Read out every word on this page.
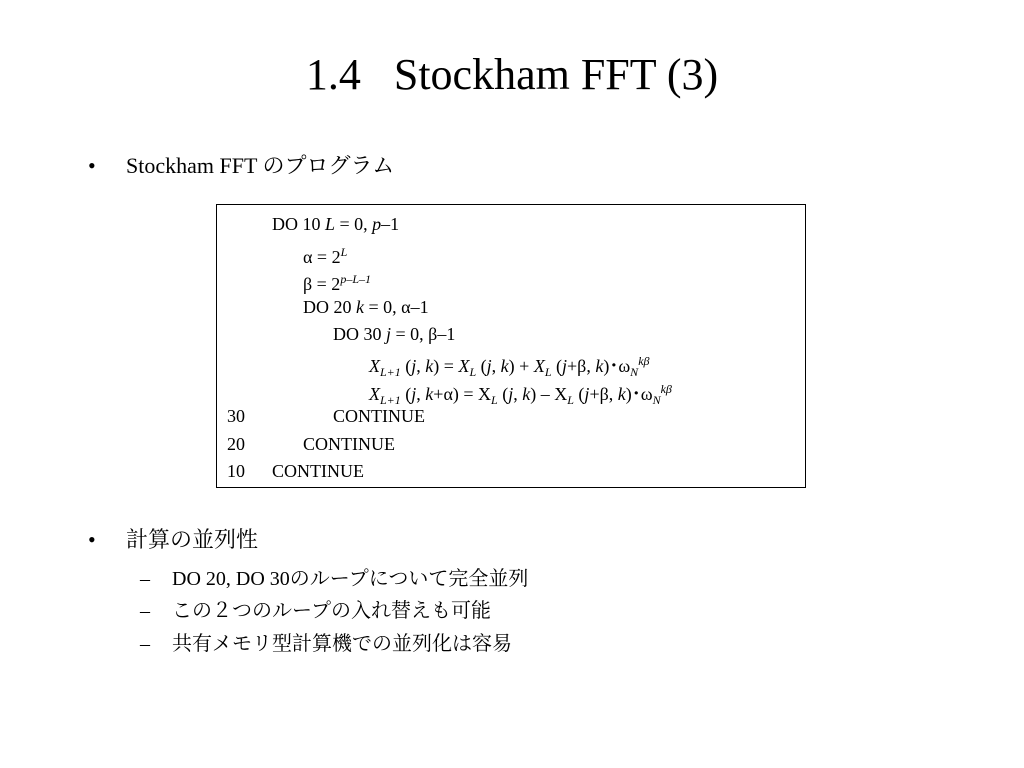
1.4   Stockham FFT (3)
• Stockham FFT のプログラム
DO 10 L = 0, p–1
$\alpha = 2^L$
$\beta = 2^{p-L-1}$
DO 20 k = 0, α–1
DO 30 j = 0, β–1
$X_{L+1}$ (j, $k) = X_L$ (j, $k) + X_L$ (j+β, k)･$\omega_N^{k\beta}$
$X_{L+1}$ (j, $k+\alpha) = X_L$ (j, $k) - X_L$ (j+β, k)･$\omega_N^{k\beta}$
30	CONTINUE
20	CONTINUE
10 CONTINUE
• 計算の並列性
– DO 20, DO 30のループについて完全並列
– この２つのループの入れ替えも可能
– 共有メモリ型計算機での並列化は容易
